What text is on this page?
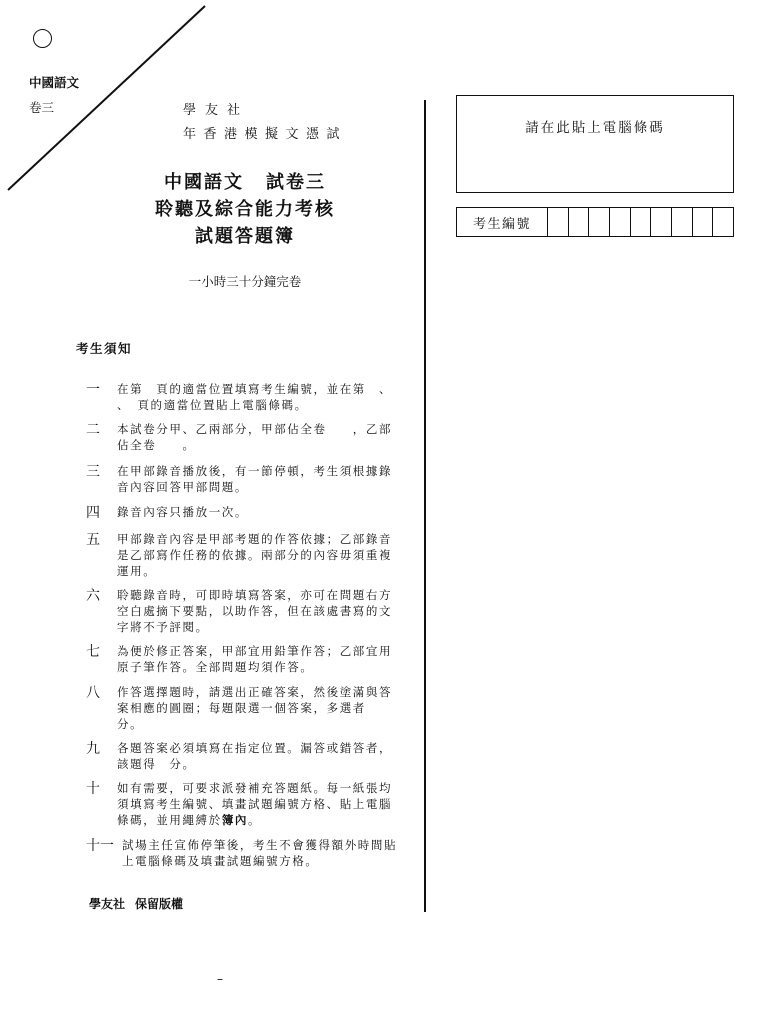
中國語文
卷三	學友社
年香港模擬文憑試
中國語文 試卷三
聆聽及綜合能力考核
試題答題簿
一小時三十分鐘完卷
考生須知
一 在第　頁的適當位置填寫考生編號，並在第　、　、　頁的適當位置貼上電腦條碼。
二 本試卷分甲、乙兩部分，甲部佔全卷　　，乙部佔全卷　　。
三 在甲部錄音播放後，有一節停頓，考生須根據錄音內容回答甲部問題。
四 錄音內容只播放一次。
五 甲部錄音內容是甲部考題的作答依據；乙部錄音是乙部寫作任務的依據。兩部分的內容毋須重複運用。
六 聆聽錄音時，可即時填寫答案，亦可在問題右方空白處摘下要點，以助作答，但在該處書寫的文字將不予評閱。
七 為便於修正答案，甲部宜用鉛筆作答；乙部宜用原子筆作答。全部問題均須作答。
八 作答選擇題時，請選出正確答案，然後塗滿與答案相應的圓圈；每題限選一個答案，多選者　分。
九 各題答案必須填寫在指定位置。漏答或錯答者，該題得　分。
十 如有需要，可要求派發補充答題紙。每一紙張均須填寫考生編號、填畫試題編號方格、貼上電腦條碼，並用繩縛於簿內。
十一 試場主任宣佈停筆後，考生不會獲得額外時間貼上電腦條碼及填畫試題編號方格。
學友社 保留版權
–
請在此貼上電腦條碼
考生編號
